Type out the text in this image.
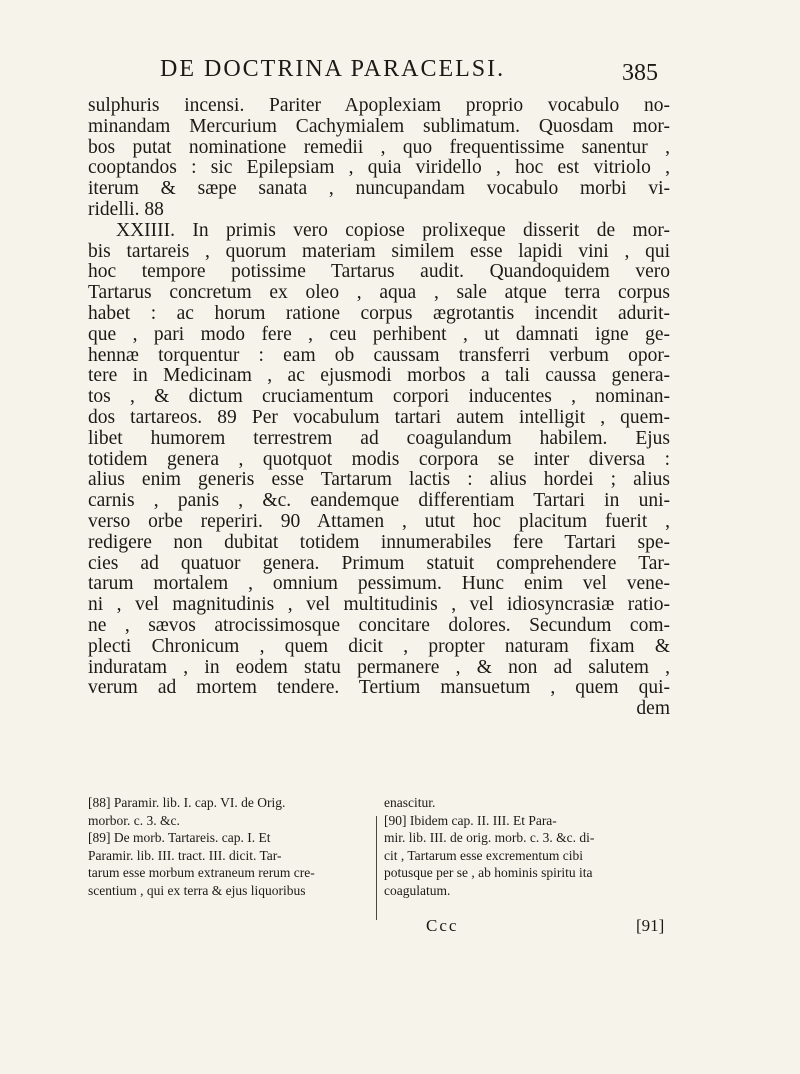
DE DOCTRINA PARACELSI.	385
sulphuris incensi. Pariter Apoplexiam proprio vocabulo no-
minandam Mercurium Cachymialem sublimatum. Quosdam mor-
bos putat nominatione remedii , quo frequentissime sanentur ,
cooptandos : sic Epilepsiam , quia viridello , hoc est vitriolo ,
iterum & sæpe sanata , nuncupandam vocabulo morbi vi-
ridelli. 88
XXIIII. In primis vero copiose prolixeque disserit de mor-
bis tartareis , quorum materiam similem esse lapidi vini , qui
hoc tempore potissime Tartarus audit. Quandoquidem vero
Tartarus concretum ex oleo , aqua , sale atque terra corpus
habet : ac horum ratione corpus ægrotantis incendit adurit-
que , pari modo fere , ceu perhibent , ut damnati igne ge-
hennæ torquentur : eam ob caussam transferri verbum opor-
tere in Medicinam , ac ejusmodi morbos a tali caussa genera-
tos , & dictum cruciamentum corpori inducentes , nominan-
dos tartareos. 89 Per vocabulum tartari autem intelligit , quem-
libet humorem terrestrem ad coagulandum habilem. Ejus
totidem genera , quotquot modis corpora se inter diversa :
alius enim generis esse Tartarum lactis : alius hordei ; alius
carnis , panis , &c. eandemque differentiam Tartari in uni-
verso orbe reperiri. 90 Attamen , utut hoc placitum fuerit ,
redigere non dubitat totidem innumerabiles fere Tartari spe-
cies ad quatuor genera. Primum statuit comprehendere Tar-
tarum mortalem , omnium pessimum. Hunc enim vel vene-
ni , vel magnitudinis , vel multitudinis , vel idiosyncrasiæ ratio-
ne , sævos atrocissimosque concitare dolores. Secundum com-
plecti Chronicum , quem dicit , propter naturam fixam &
induratam , in eodem statu permanere , & non ad salutem ,
verum ad mortem tendere. Tertium mansuetum , quem qui-
dem
[88] Paramir. lib. I. cap. VI. de Orig.
morbor. c. 3. &c.
[89] De morb. Tartareis. cap. I. Et
Paramir. lib. III. tract. III. dicit. Tar-
tarum esse morbum extraneum rerum cre-
scentium , qui ex terra & ejus liquoribus
enascitur.
[90] Ibidem cap. II. III. Et Para-
mir. lib. III. de orig. morb. c. 3. &c. di-
cit , Tartarum esse excrementum cibi
potusque per se , ab hominis spiritu ita
coagulatum.
Ccc	[91]
